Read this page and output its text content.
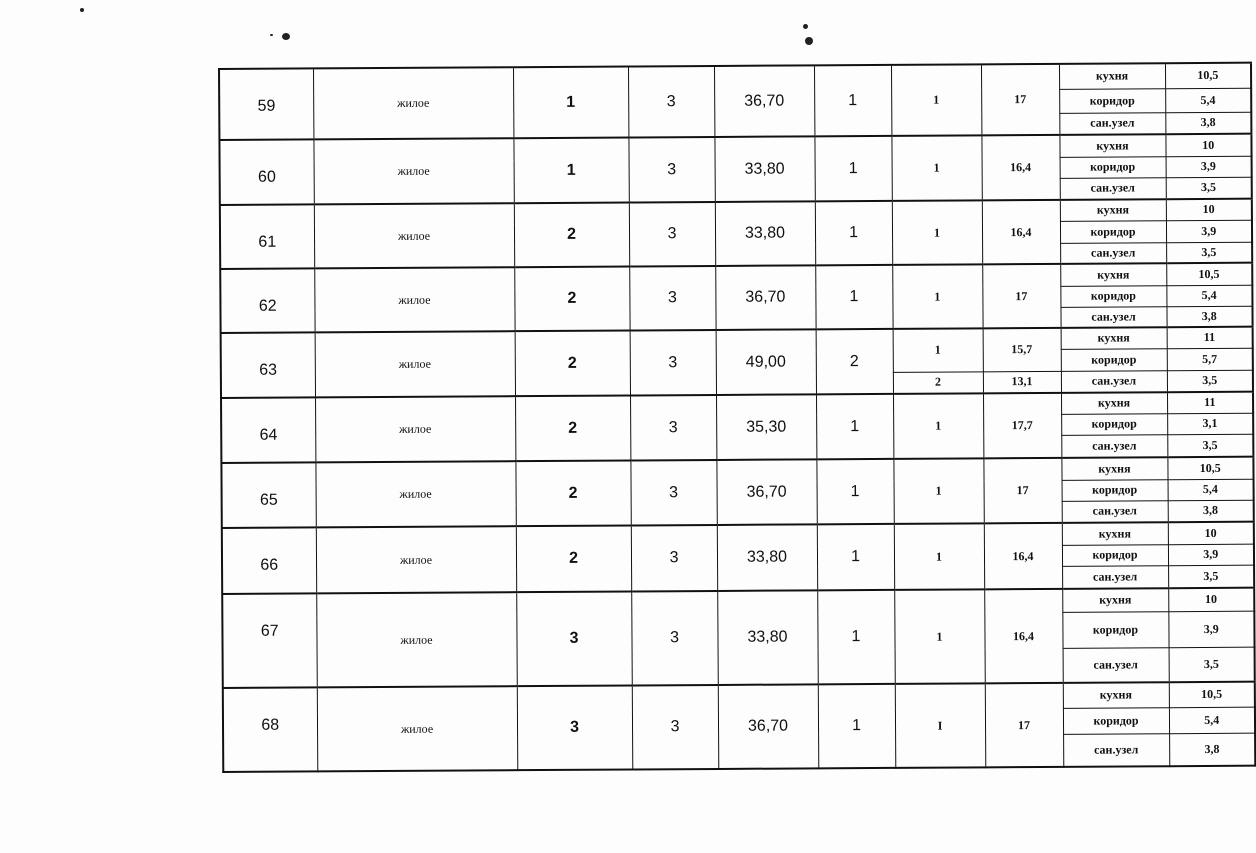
59	жилое	1	3	36,70	1	1	17	кухня	10,5
								коридор	5,4
								сан.узел	3,8
60	жилое	1	3	33,80	1	1	16,4	кухня	10
								коридор	3,9
								сан.узел	3,5
61	жилое	2	3	33,80	1	1	16,4	кухня	10
								коридор	3,9
								сан.узел	3,5
62	жилое	2	3	36,70	1	1	17	кухня	10,5
								коридор	5,4
								сан.узел	3,8
63	жилое	2	3	49,00	2	1	15,7	кухня	11
								коридор	5,7
						2	13,1	сан.узел	3,5
64	жилое	2	3	35,30	1	1	17,7	кухня	11
								коридор	3,1
								сан.узел	3,5
65	жилое	2	3	36,70	1	1	17	кухня	10,5
								коридор	5,4
								сан.узел	3,8
66	жилое	2	3	33,80	1	1	16,4	кухня	10
								коридор	3,9
								сан.узел	3,5
67	жилое	3	3	33,80	1	1	16,4	кухня	10
								коридор	3,9
								сан.узел	3,5
68	жилое	3	3	36,70	1	I	17	кухня	10,5
								коридор	5,4
								сан.узел	3,8
